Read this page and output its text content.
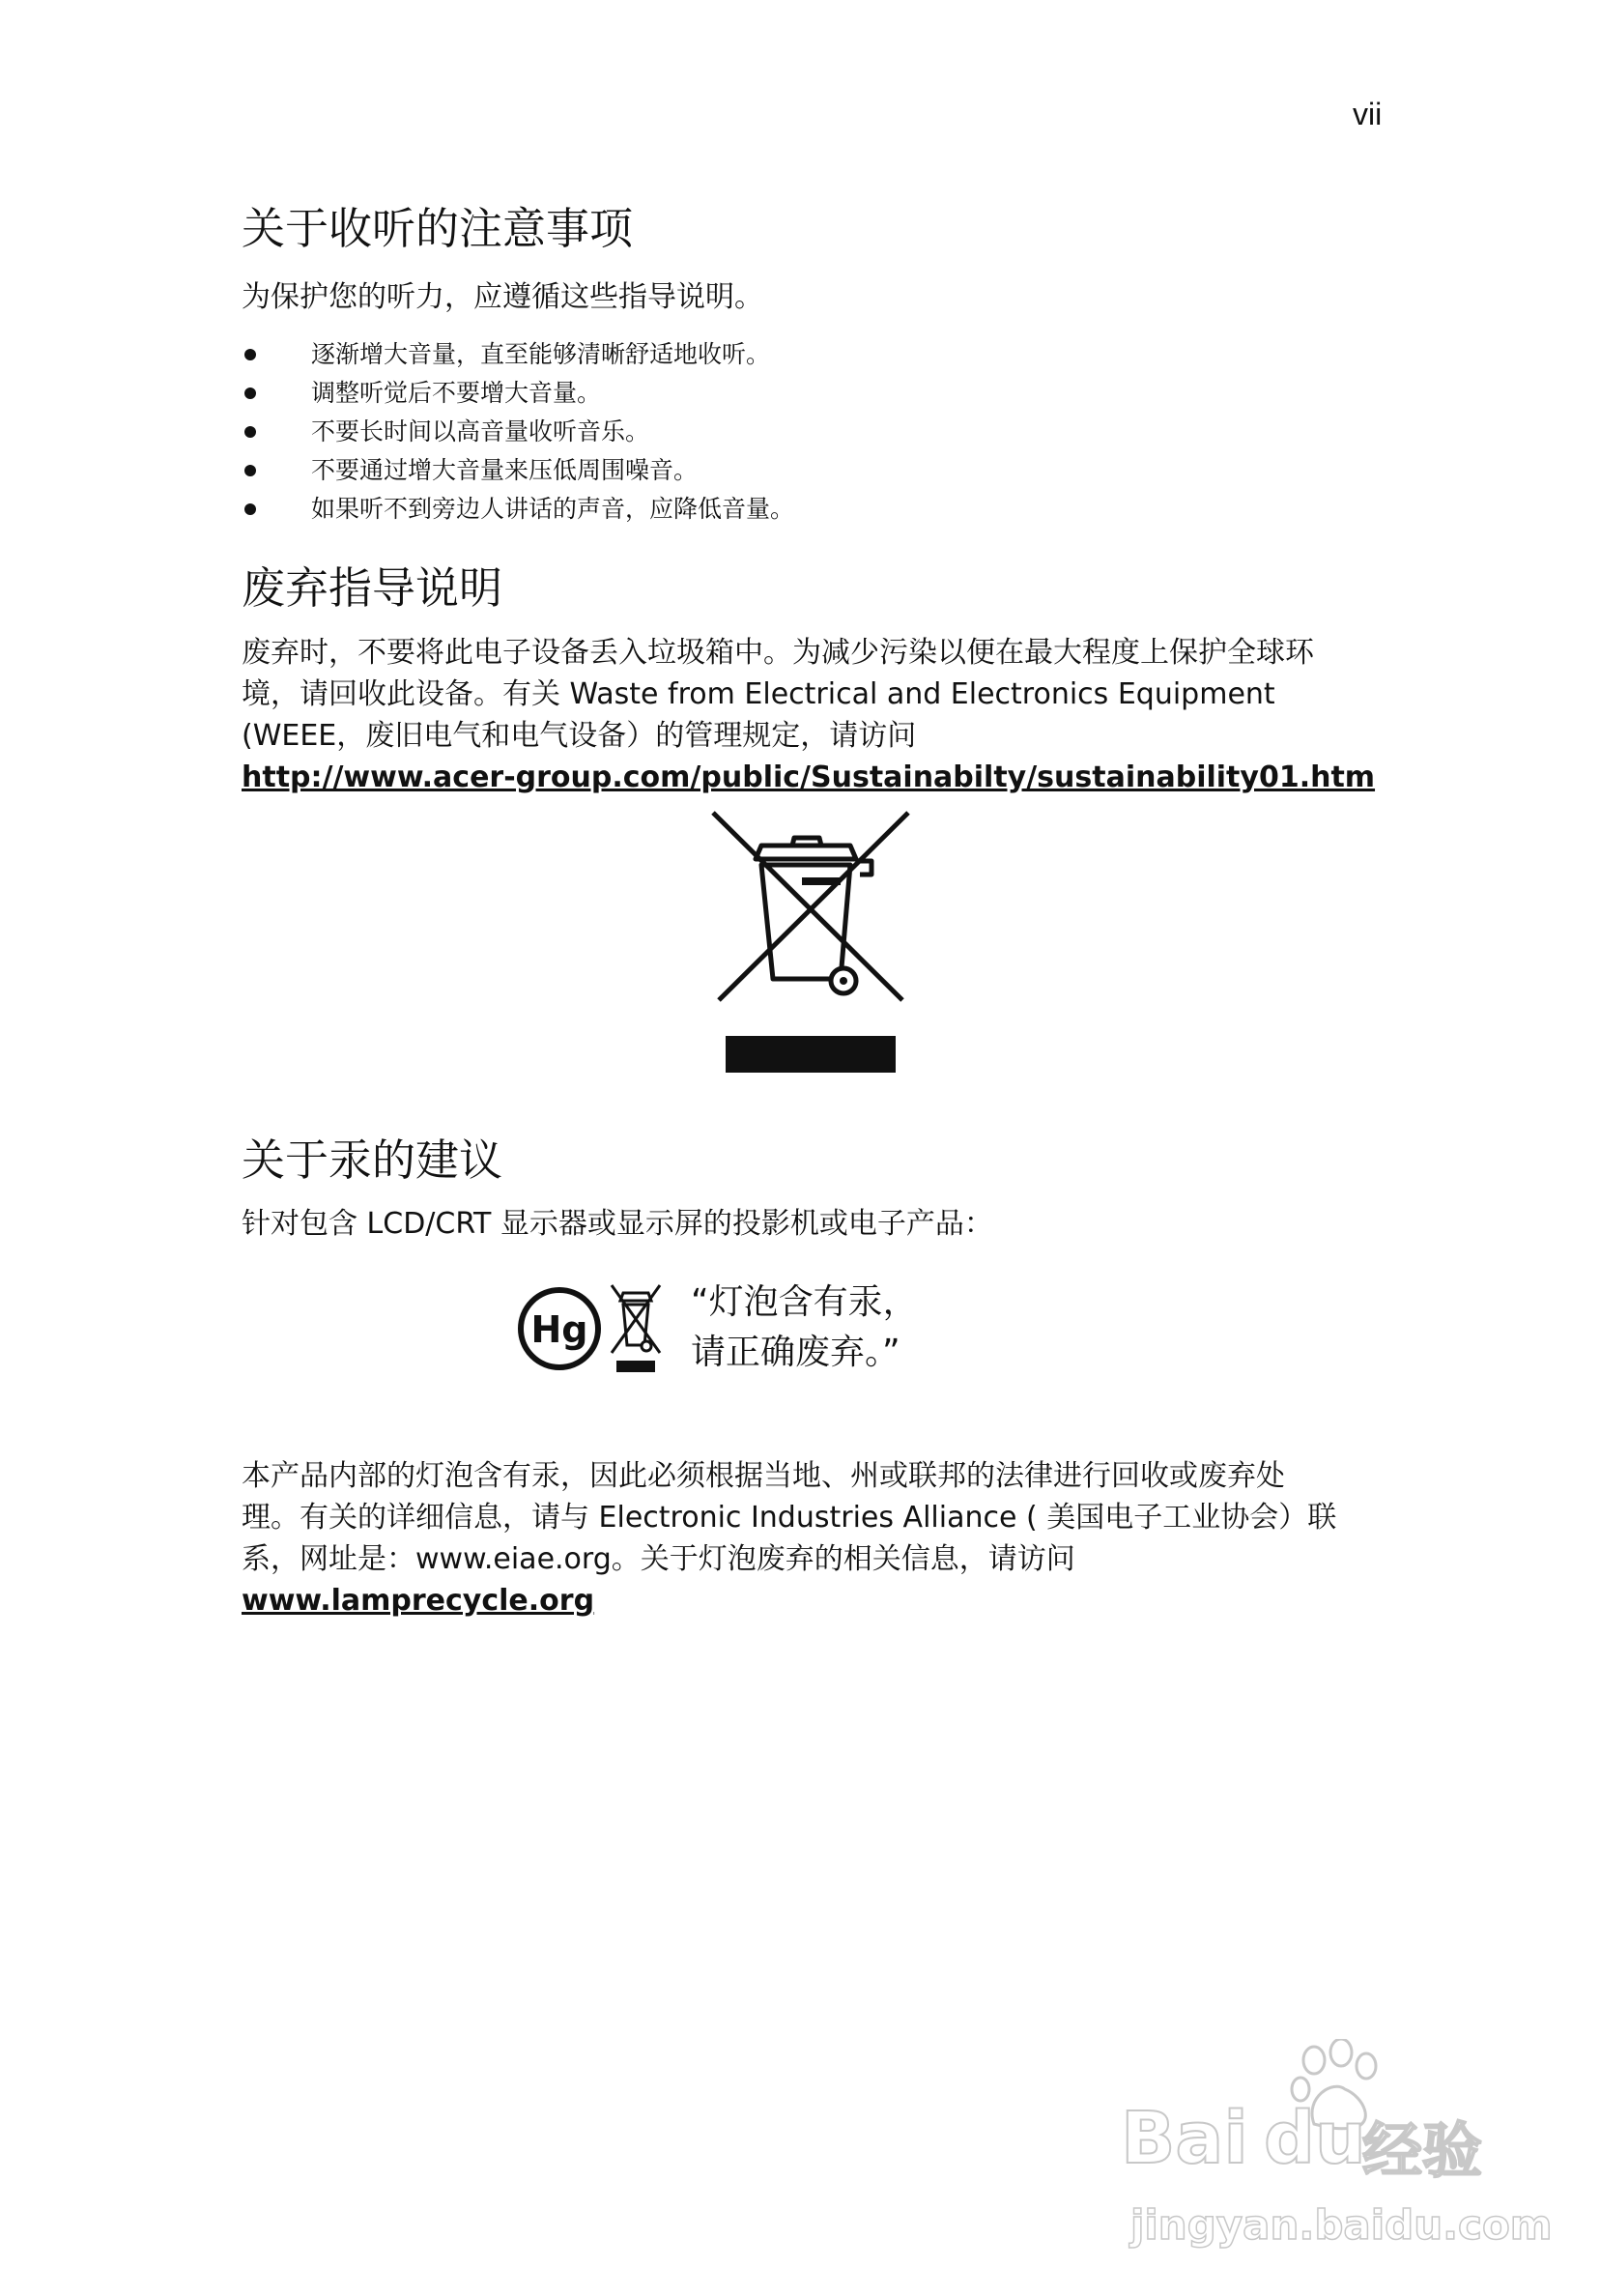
vii
关于收听的注意事项
为保护您的听力，应遵循这些指导说明。
逐渐增大音量，直至能够清晰舒适地收听。
调整听觉后不要增大音量。
不要长时间以高音量收听音乐。
不要通过增大音量来压低周围噪音。
如果听不到旁边人讲话的声音，应降低音量。
废弃指导说明
废弃时，不要将此电子设备丢入垃圾箱中。为减少污染以便在最大程度上保护全球环
境，请回收此设备。有关 Waste from Electrical and Electronics Equipment
(WEEE，废旧电气和电气设备）的管理规定，请访问
http://www.acer-group.com/public/Sustainabilty/sustainability01.htm
关于汞的建议
针对包含 LCD/CRT 显示器或显示屏的投影机或电子产品：
Hg
“灯泡含有汞，
请正确废弃。”
本产品内部的灯泡含有汞，因此必须根据当地、州或联邦的法律进行回收或废弃处
理。有关的详细信息，请与 Electronic Industries Alliance ( 美国电子工业协会）联
系，网址是：www.eiae.org。关于灯泡废弃的相关信息，请访问
www.lamprecycle.org
Bai du
经验
jingyan.baidu.com
